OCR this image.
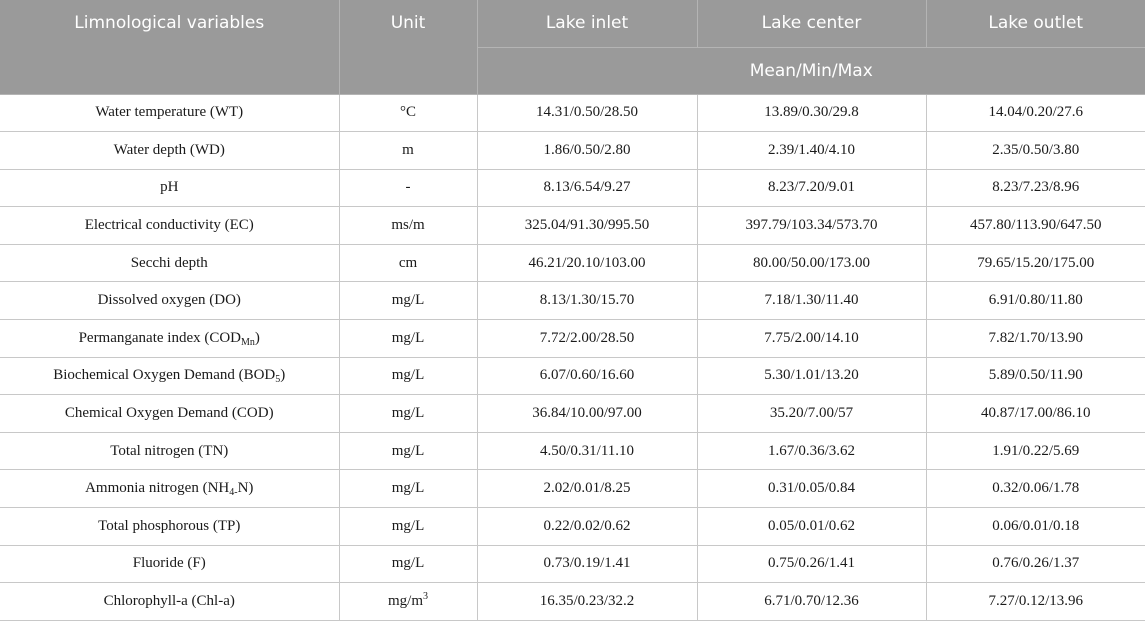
Limnological variables	Unit	Lake inlet	Lake center	Lake outlet
		Mean/Min/Max		
Water temperature (WT)	°C	14.31/0.50/28.50	13.89/0.30/29.8	14.04/0.20/27.6
Water depth (WD)	m	1.86/0.50/2.80	2.39/1.40/4.10	2.35/0.50/3.80
pH	-	8.13/6.54/9.27	8.23/7.20/9.01	8.23/7.23/8.96
Electrical conductivity (EC)	ms/m	325.04/91.30/995.50	397.79/103.34/573.70	457.80/113.90/647.50
Secchi depth	cm	46.21/20.10/103.00	80.00/50.00/173.00	79.65/15.20/175.00
Dissolved oxygen (DO)	mg/L	8.13/1.30/15.70	7.18/1.30/11.40	6.91/0.80/11.80
Permanganate index $(COD_{Mn})$	mg/L	7.72/2.00/28.50	7.75/2.00/14.10	7.82/1.70/13.90
Biochemical Oxygen Demand $(BOD_5)$	mg/L	6.07/0.60/16.60	5.30/1.01/13.20	5.89/0.50/11.90
Chemical Oxygen Demand (COD)	mg/L	36.84/10.00/97.00	35.20/7.00/57	40.87/17.00/86.10
Total nitrogen (TN)	mg/L	4.50/0.31/11.10	1.67/0.36/3.62	1.91/0.22/5.69
Ammonia nitrogen $(NH_{4-}N)$	mg/L	2.02/0.01/8.25	0.31/0.05/0.84	0.32/0.06/1.78
Total phosphorous (TP)	mg/L	0.22/0.02/0.62	0.05/0.01/0.62	0.06/0.01/0.18
Fluoride (F)	mg/L	0.73/0.19/1.41	0.75/0.26/1.41	0.76/0.26/1.37
Chlorophyll-a (Chl-a)	$mg/m^3$	16.35/0.23/32.2	6.71/0.70/12.36	7.27/0.12/13.96
